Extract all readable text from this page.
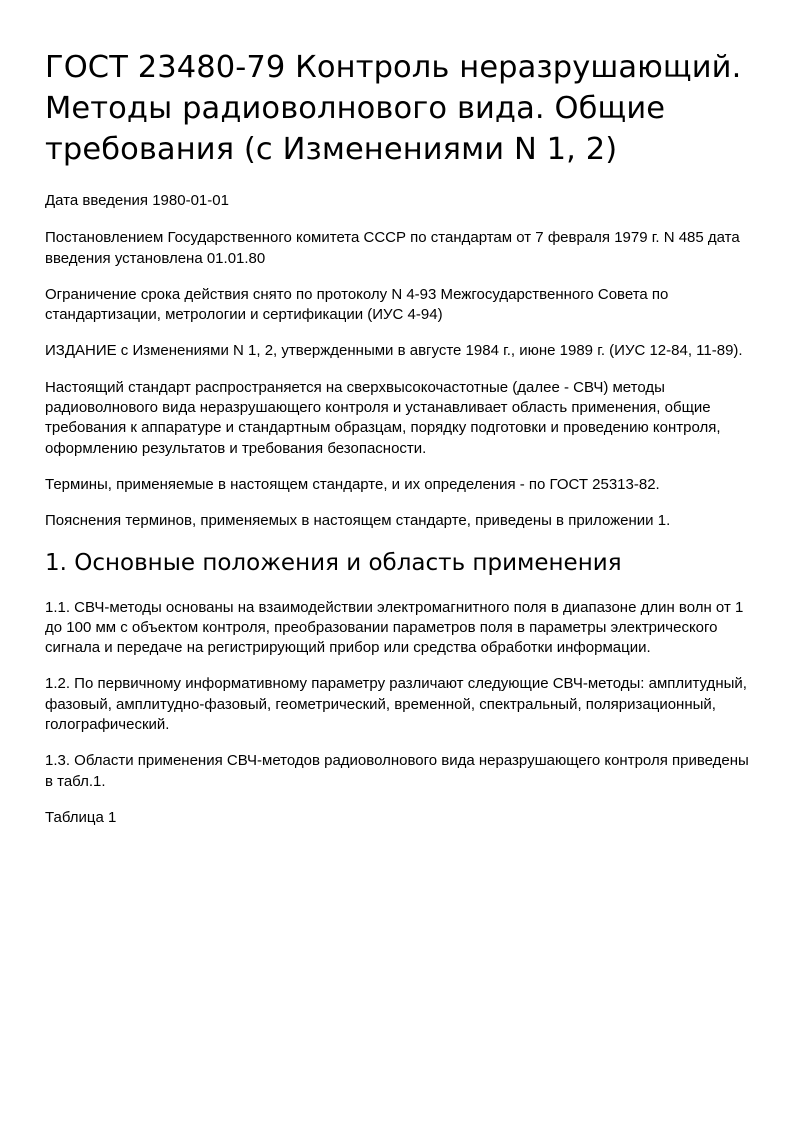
ГОСТ 23480-79 Контроль неразрушающий. Методы радиоволнового вида. Общие требования (с Изменениями N 1, 2)

Дата введения 1980-01-01

Постановлением Государственного комитета СССР по стандартам от 7 февраля 1979 г. N 485 дата введения установлена 01.01.80

Ограничение срока действия снято по протоколу N 4-93 Межгосударственного Совета по стандартизации, метрологии и сертификации (ИУС 4-94)

ИЗДАНИЕ с Изменениями N 1, 2, утвержденными в августе 1984 г., июне 1989 г. (ИУС 12-84, 11-89).

Настоящий стандарт распространяется на сверхвысокочастотные (далее - СВЧ) методы радиоволнового вида неразрушающего контроля и устанавливает область применения, общие требования к аппаратуре и стандартным образцам, порядку подготовки и проведению контроля, оформлению результатов и требования безопасности.

Термины, применяемые в настоящем стандарте, и их определения - по ГОСТ 25313-82.

Пояснения терминов, применяемых в настоящем стандарте, приведены в приложении 1.

1. Основные положения и область применения

1.1. СВЧ-методы основаны на взаимодействии электромагнитного поля в диапазоне длин волн от 1 до 100 мм с объектом контроля, преобразовании параметров поля в параметры электрического сигнала и передаче на регистрирующий прибор или средства обработки информации.

1.2. По первичному информативному параметру различают следующие СВЧ-методы: амплитудный, фазовый, амплитудно-фазовый, геометрический, временной, спектральный, поляризационный, голографический.

1.3. Области применения СВЧ-методов радиоволнового вида неразрушающего контроля приведены в табл.1.

Таблица 1
